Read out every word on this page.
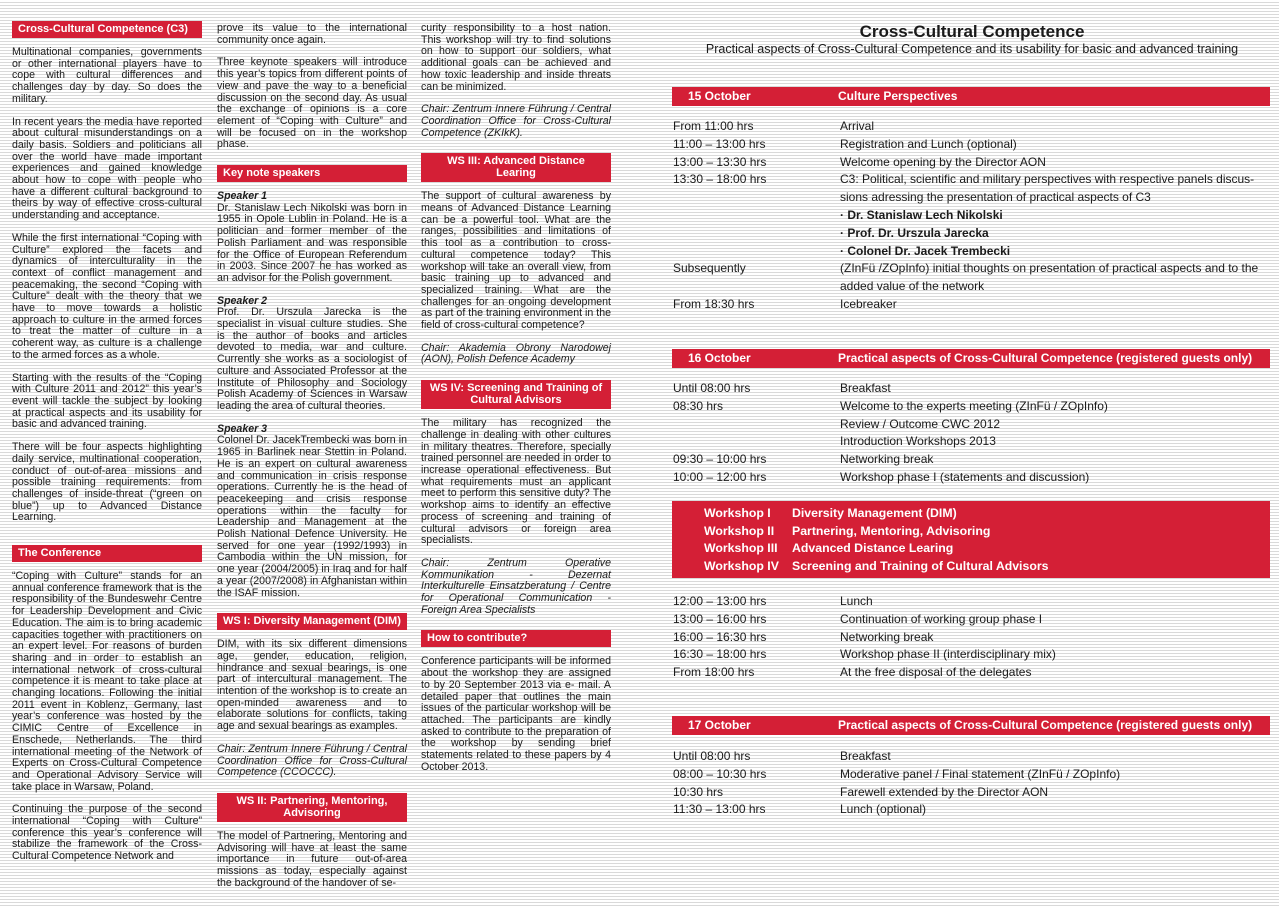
Cross-Cultural Competence (C3)

Multinational companies, governments or other international players have to cope with cultural differences and challenges day by day. So does the military.

In recent years the media have reported about cultural misunderstandings on a daily basis. Soldiers and politicians all over the world have made important experiences and gained knowledge about how to cope with people who have a different cultural background to theirs by way of effective cross-cultural understanding and acceptance.

While the first international “Coping with Culture” explored the facets and dynamics of interculturality in the context of conflict management and peacemaking, the second “Coping with Culture” dealt with the theory that we have to move towards a holistic approach to culture in the armed forces to treat the matter of culture in a coherent way, as culture is a challenge to the armed forces as a whole.

Starting with the results of the “Coping with Culture 2011 and 2012” this year’s event will tackle the subject by looking at practical aspects and its usability for basic and advanced training.

There will be four aspects highlighting daily service, multinational cooperation, conduct of out-of-area missions and possible training requirements: from challenges of inside-threat (“green on blue”) up to Advanced Distance Learning.

The Conference

“Coping with Culture” stands for an annual conference framework that is the responsibility of the Bundeswehr Centre for Leadership Development and Civic Education. The aim is to bring academic capacities together with practitioners on an expert level. For reasons of burden sharing and in order to establish an international network of cross-cultural competence it is meant to take place at changing locations. Following the initial 2011 event in Koblenz, Germany, last year’s conference was hosted by the CIMIC Centre of Excellence in Enschede, Netherlands. The third international meeting of the Network of Experts on Cross-Cultural Competence and Operational Advisory Service will take place in Warsaw, Poland.

Continuing the purpose of the second international “Coping with Culture” conference this year’s conference will stabilize the framework of the Cross-Cultural Competence Network and

prove its value to the international community once again.

Three keynote speakers will introduce this year’s topics from different points of view and pave the way to a beneficial discussion on the second day. As usual the exchange of opinions is a core element of “Coping with Culture” and will be focused on in the workshop phase.

Key note speakers

Speaker 1

Dr. Stanislaw Lech Nikolski was born in 1955 in Opole Lublin in Poland. He is a politician and former member of the Polish Parliament and was responsible for the Office of European Referendum in 2003. Since 2007 he has worked as an advisor for the Polish government.

Speaker 2

Prof. Dr. Urszula Jarecka is the specialist in visual culture studies. She is the author of books and articles devoted to media, war and culture. Currently she works as a sociologist of culture and Associated Professor at the Institute of Philosophy and Sociology Polish Academy of Sciences in Warsaw leading the area of cultural theories.

Speaker 3

Colonel Dr. JacekTrembecki was born in 1965 in Barlinek near Stettin in Poland. He is an expert on cultural awareness and communication in crisis response operations. Currently he is the head of peacekeeping and crisis response operations within the faculty for Leadership and Management at the Polish National Defence University. He served for one year (1992/1993) in Cambodia within the UN mission, for one year (2004/2005) in Iraq and for half a year (2007/2008) in Afghanistan within the ISAF mission.

WS I: Diversity Management (DIM)

DIM, with its six different dimensions age, gender, education, religion, hindrance and sexual bearings, is one part of intercultural management. The intention of the workshop is to create an open-minded awareness and to elaborate solutions for conflicts, taking age and sexual bearings as examples.

Chair: Zentrum Innere Führung / Central Coordination Office for Cross-Cultural Competence (CCOCCC).

WS II: Partnering, Mentoring, Advisoring

The model of Partnering, Mentoring and Advisoring will have at least the same importance in future out-of-area missions as today, especially against the background of the handover of se-

curity responsibility to a host nation. This workshop will try to find solutions on how to support our soldiers, what additional goals can be achieved and how toxic leadership and inside threats can be minimized.

Chair: Zentrum Innere Führung / Central Coordination Office for Cross-Cultural Competence (ZKIkK).

WS III: Advanced Distance Learing

The support of cultural awareness by means of Advanced Distance Learning can be a powerful tool. What are the ranges, possibilities and limitations of this tool as a contribution to cross-cultural competence today? This workshop will take an overall view, from basic training up to advanced and specialized training. What are the challenges for an ongoing development as part of the training environment in the field of cross-cultural competence?

Chair: Akademia Obrony Narodowej (AON), Polish Defence Academy

WS IV: Screening and Training of Cultural Advisors

The military has recognized the challenge in dealing with other cultures in military theatres. Therefore, specially trained personnel are needed in order to increase operational effectiveness. But what requirements must an applicant meet to perform this sensitive duty? The workshop aims to identify an effective process of screening and training of cultural advisors or foreign area specialists.

Chair: Zentrum Operative Kommunikation - Dezernat Interkulturelle Einsatzberatung / Centre for Operational Communication - Foreign Area Specialists

How to contribute?

Conference participants will be informed about the workshop they are assigned to by 20 September 2013 via e- mail. A detailed paper that outlines the main issues of the particular workshop will be attached. The participants are kindly asked to contribute to the preparation of the workshop by sending brief statements related to these papers by 4 October 2013.

Cross-Cultural Competence
Practical aspects of Cross-Cultural Competence and its usability for basic and advanced training
15 October	Culture Perspectives
From 11:00 hrs	Arrival
11:00 – 13:00 hrs	Registration and Lunch (optional)
13:00 – 13:30 hrs	Welcome opening by the Director AON
13:30 – 18:00 hrs	C3: Political, scientific and military perspectives with respective panels discus-
sions adressing the presentation of practical aspects of C3
· Dr. Stanislaw Lech Nikolski
· Prof. Dr. Urszula Jarecka
· Colonel Dr. Jacek Trembecki
Subsequently	(ZInFü /ZOpInfo) initial thoughts on presentation of practical aspects and to the
added value of the network
From 18:30 hrs	Icebreaker
16 October	Practical aspects of Cross-Cultural Competence (registered guests only)
Until 08:00 hrs	Breakfast
08:30 hrs	Welcome to the experts meeting (ZInFü / ZOpInfo)
Review / Outcome CWC 2012
Introduction Workshops 2013
09:30 – 10:00 hrs	Networking break
10:00 – 12:00 hrs	Workshop phase I (statements and discussion)
Workshop I Diversity Management (DIM)
Workshop II Partnering, Mentoring, Advisoring
Workshop III Advanced Distance Learing
Workshop IV Screening and Training of Cultural Advisors
12:00 – 13:00 hrs	Lunch
13:00 – 16:00 hrs	Continuation of working group phase I
16:00 – 16:30 hrs	Networking break
16:30 – 18:00 hrs	Workshop phase II (interdisciplinary mix)
From 18:00 hrs	At the free disposal of the delegates
17 October	Practical aspects of Cross-Cultural Competence (registered guests only)
Until 08:00 hrs	Breakfast
08:00 – 10:30 hrs	Moderative panel / Final statement (ZInFü / ZOpInfo)
10:30 hrs	Farewell extended by the Director AON
11:30 – 13:00 hrs	Lunch (optional)
